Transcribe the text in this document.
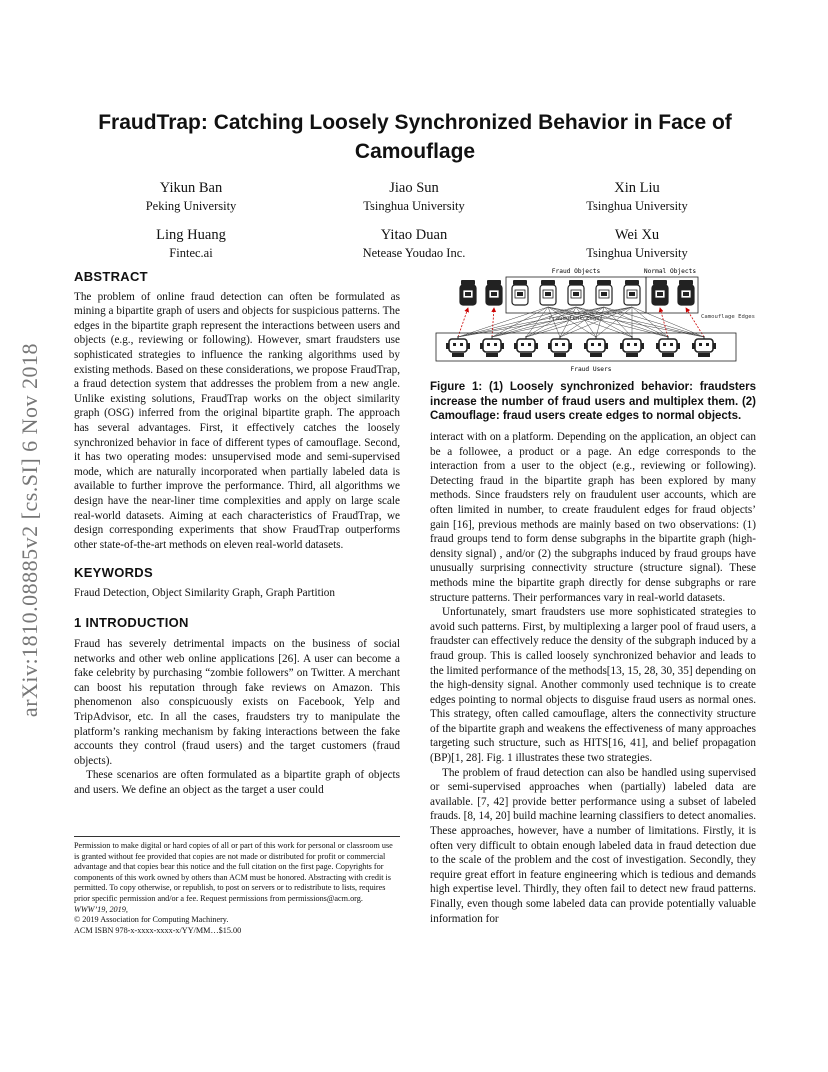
FraudTrap: Catching Loosely Synchronized Behavior in Face of Camouflage
Yikun Ban
Peking University
Jiao Sun
Tsinghua University
Xin Liu
Tsinghua University
Ling Huang
Fintec.ai
Yitao Duan
Netease Youdao Inc.
Wei Xu
Tsinghua University
arXiv:1810.08885v2 [cs.SI] 6 Nov 2018
ABSTRACT

The problem of online fraud detection can often be formulated as mining a bipartite graph of users and objects for suspicious patterns. The edges in the bipartite graph represent the interactions between users and objects (e.g., reviewing or following). However, smart fraudsters use sophisticated strategies to influence the ranking algorithms used by existing methods. Based on these considerations, we propose FraudTrap, a fraud detection system that addresses the problem from a new angle. Unlike existing solutions, FraudTrap works on the object similarity graph (OSG) inferred from the original bipartite graph. The approach has several advantages. First, it effectively catches the loosely synchronized behavior in face of different types of camouflage. Second, it has two operating modes: unsupervised mode and semi-supervised mode, which are naturally incorporated when partially labeled data is available to further improve the performance. Third, all algorithms we design have the near-liner time complexities and apply on large scale real-world datasets. Aiming at each characteristics of FraudTrap, we design corresponding experiments that show FraudTrap outperforms other state-of-the-art methods on eleven real-world datasets.

KEYWORDS

Fraud Detection, Object Similarity Graph, Graph Partition

1 INTRODUCTION

Fraud has severely detrimental impacts on the business of social networks and other web online applications [26]. A user can become a fake celebrity by purchasing “zombie followers” on Twitter. A merchant can boost his reputation through fake reviews on Amazon. This phenomenon also conspicuously exists on Facebook, Yelp and TripAdvisor, etc. In all the cases, fraudsters try to manipulate the platform’s ranking mechanism by faking interactions between the fake accounts they control (fraud users) and the target customers (fraud objects).

These scenarios are often formulated as a bipartite graph of objects and users. We define an object as the target a user could

Permission to make digital or hard copies of all or part of this work for personal or classroom use is granted without fee provided that copies are not made or distributed for profit or commercial advantage and that copies bear this notice and the full citation on the first page. Copyrights for components of this work owned by others than ACM must be honored. Abstracting with credit is permitted. To copy otherwise, or republish, to post on servers or to redistribute to lists, requires prior specific permission and/or a fee. Request permissions from permissions@acm.org.
WWW’19, 2019,
© 2019 Association for Computing Machinery.
ACM ISBN 978-x-xxxx-xxxx-x/YY/MM…$15.00
Fraud Objects	Normal Objects
Fraudulent Edges	Camouflage Edges
Fraud Users
Figure 1: (1) Loosely synchronized behavior: fraudsters increase the number of fraud users and multiplex them. (2) Camouflage: fraud users create edges to normal objects.

interact with on a platform. Depending on the application, an object can be a followee, a product or a page. An edge corresponds to the interaction from a user to the object (e.g., reviewing or following). Detecting fraud in the bipartite graph has been explored by many methods. Since fraudsters rely on fraudulent user accounts, which are often limited in number, to create fraudulent edges for fraud objects’ gain [16], previous methods are mainly based on two observations: (1) fraud groups tend to form dense subgraphs in the bipartite graph (high-density signal) , and/or (2) the subgraphs induced by fraud groups have unusually surprising connectivity structure (structure signal). These methods mine the bipartite graph directly for dense subgraphs or rare structure patterns. Their performances vary in real-world datasets.

Unfortunately, smart fraudsters use more sophisticated strategies to avoid such patterns. First, by multiplexing a larger pool of fraud users, a fraudster can effectively reduce the density of the subgraph induced by a fraud group. This is called loosely synchronized behavior and leads to the limited performance of the methods[13, 15, 28, 30, 35] depending on the high-density signal. Another commonly used technique is to create edges pointing to normal objects to disguise fraud users as normal ones. This strategy, often called camouflage, alters the connectivity structure of the bipartite graph and weakens the effectiveness of many approaches targeting such structure, such as HITS[16, 41], and belief propagation (BP)[1, 28]. Fig. 1 illustrates these two strategies.

The problem of fraud detection can also be handled using supervised or semi-supervised approaches when (partially) labeled data are available. [7, 42] provide better performance using a subset of labeled frauds. [8, 14, 20] build machine learning classifiers to detect anomalies. These approaches, however, have a number of limitations. Firstly, it is often very difficult to obtain enough labeled data in fraud detection due to the scale of the problem and the cost of investigation. Secondly, they require great effort in feature engineering which is tedious and demands high expertise level. Thirdly, they often fail to detect new fraud patterns. Finally, even though some labeled data can provide potentially valuable information for
